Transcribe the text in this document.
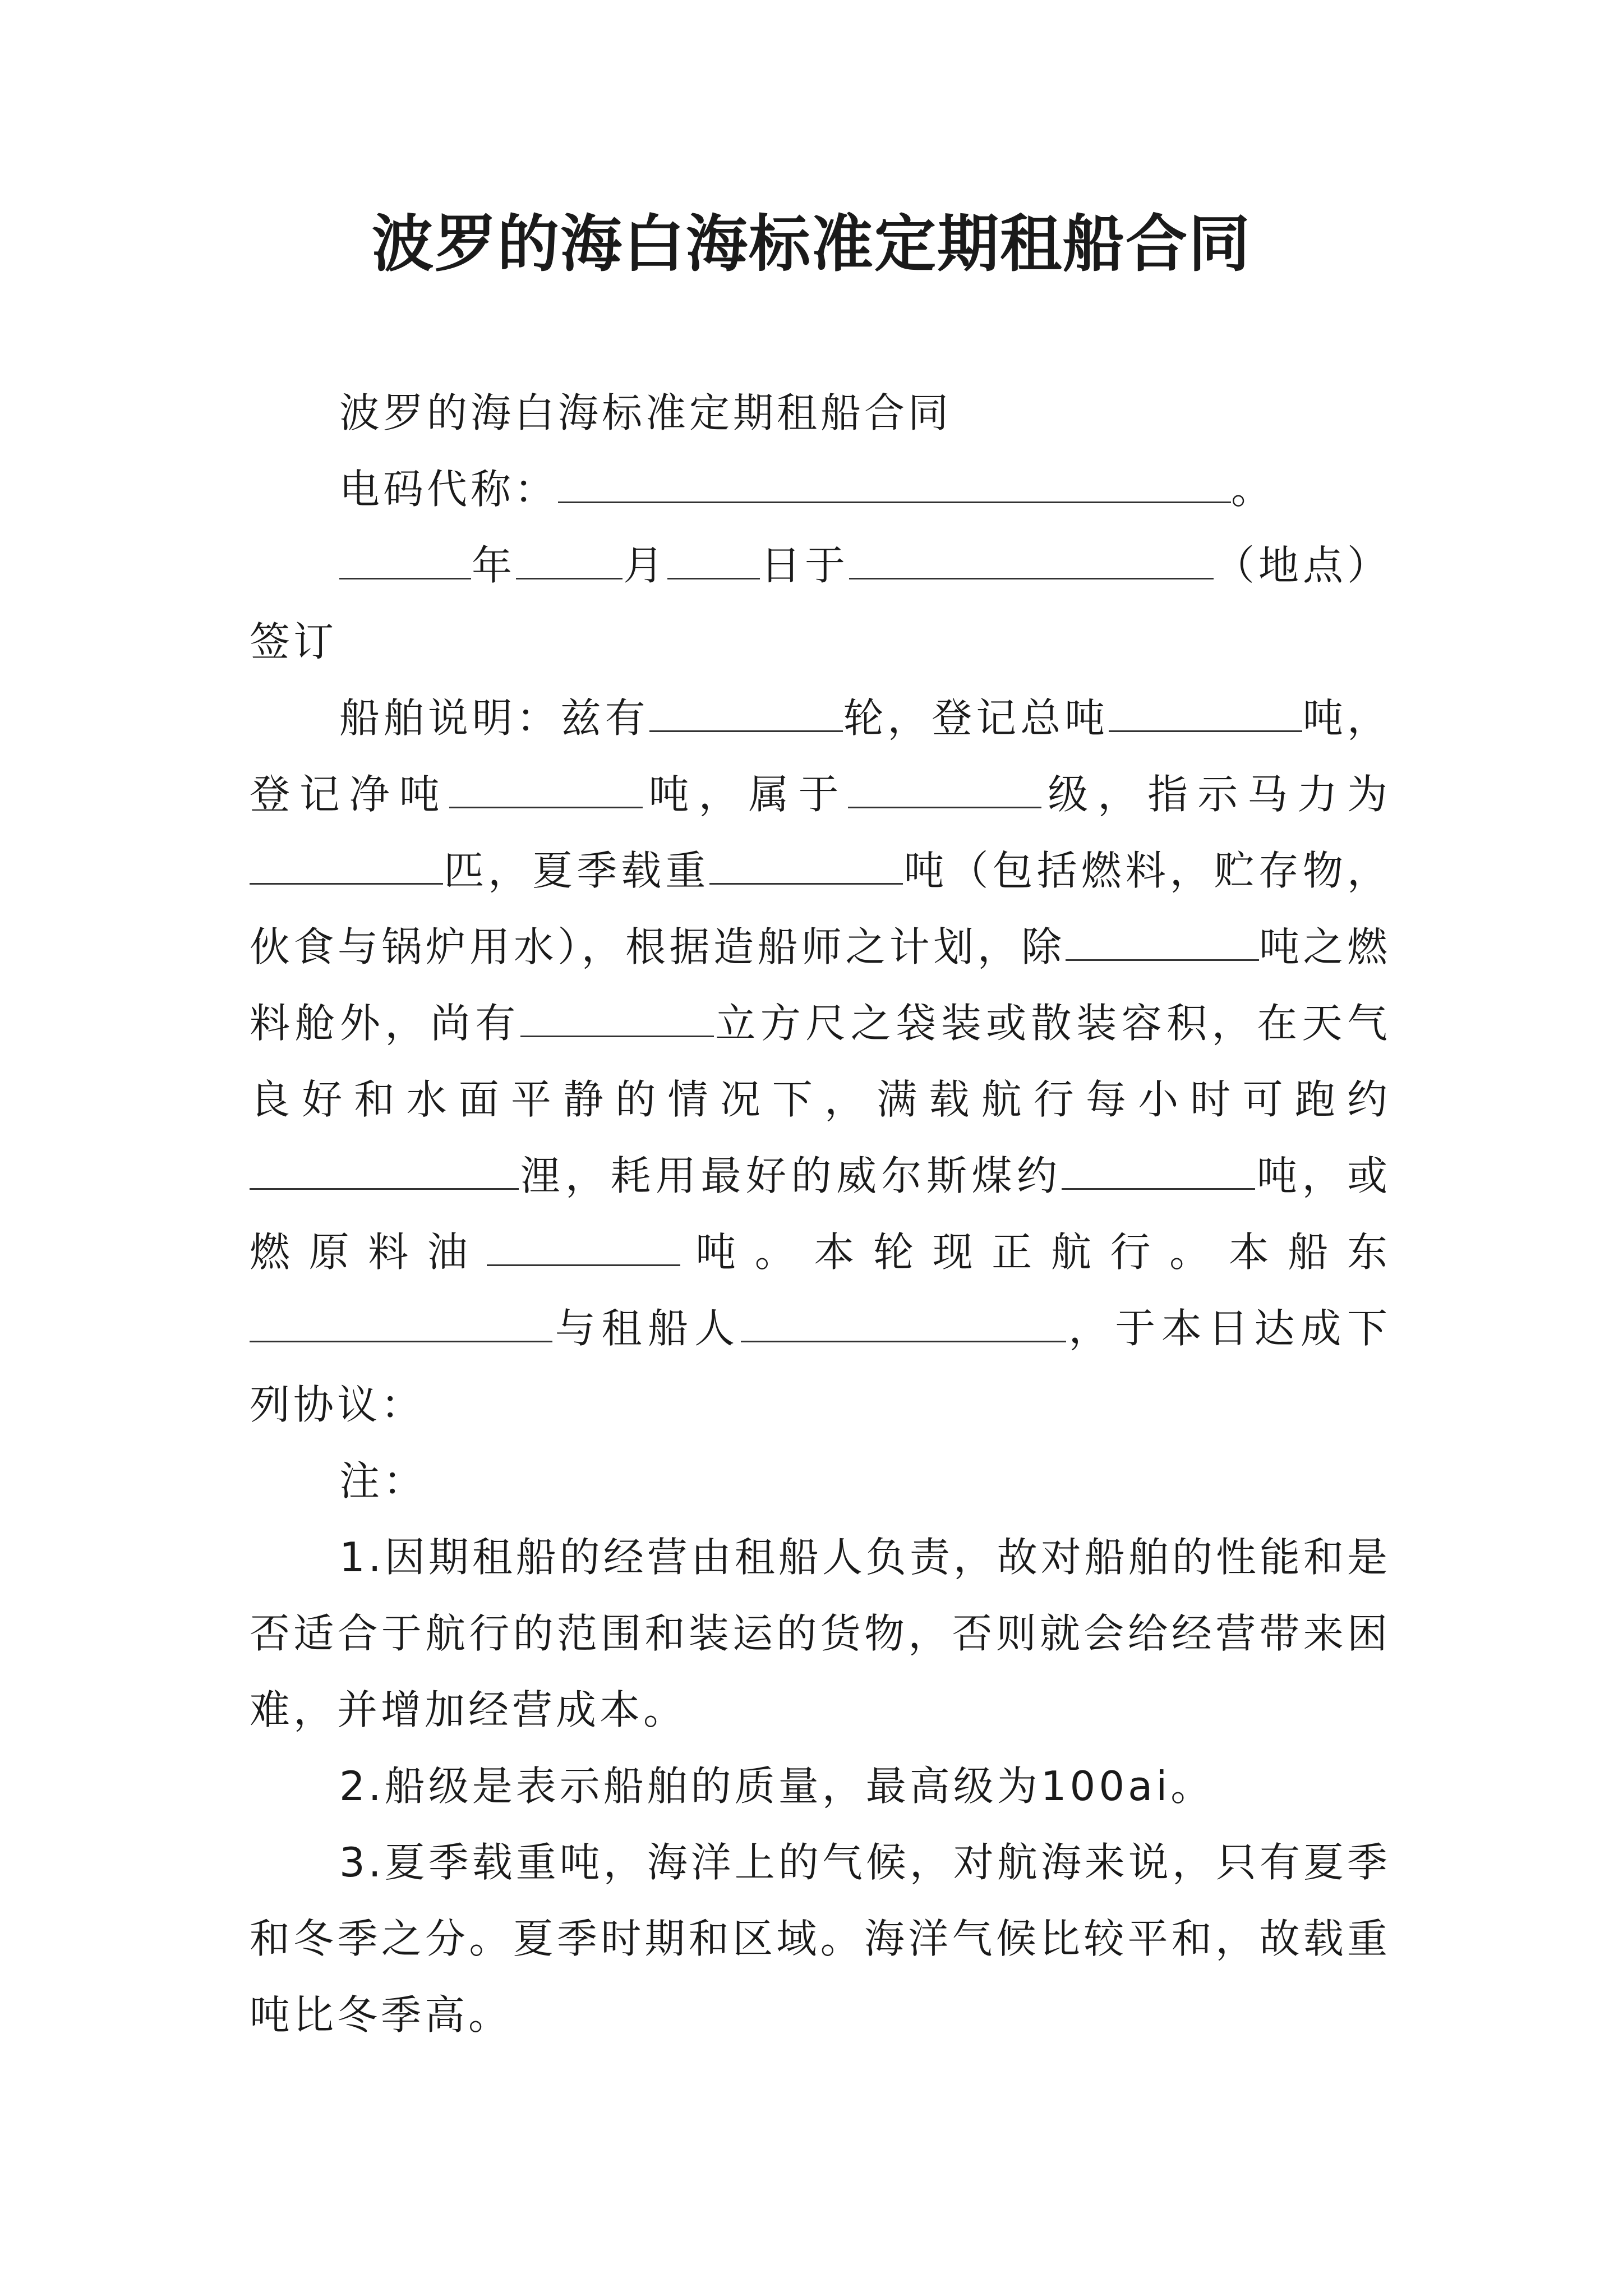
波罗的海白海标准定期租船合同

波罗的海白海标准定期租船合同

电码代称：	。

年	月 日于	（地点）签订

船舶说明：兹有	轮，登记总吨	吨，登记净吨	吨，属于	级，指示马力为匹，夏季载重	吨（包括燃料，贮存物，伙食与锅炉用水），根据造船师之计划，除	吨之燃料舱外，尚有	立方尺之袋装或散装容积，在天气良好和水面平静的情况下，满载航行每小时可跑约浬，耗用最好的威尔斯煤约	吨，或燃原料油	吨。本轮现正航行。本船东与租船人	，于本日达成下列协议：

注：

1.因期租船的经营由租船人负责，故对船舶的性能和是否适合于航行的范围和装运的货物，否则就会给经营带来困难，并增加经营成本。

2.船级是表示船舶的质量，最高级为100ai。

3.夏季载重吨，海洋上的气候，对航海来说，只有夏季和冬季之分。夏季时期和区域。海洋气候比较平和，故载重吨比冬季高。
